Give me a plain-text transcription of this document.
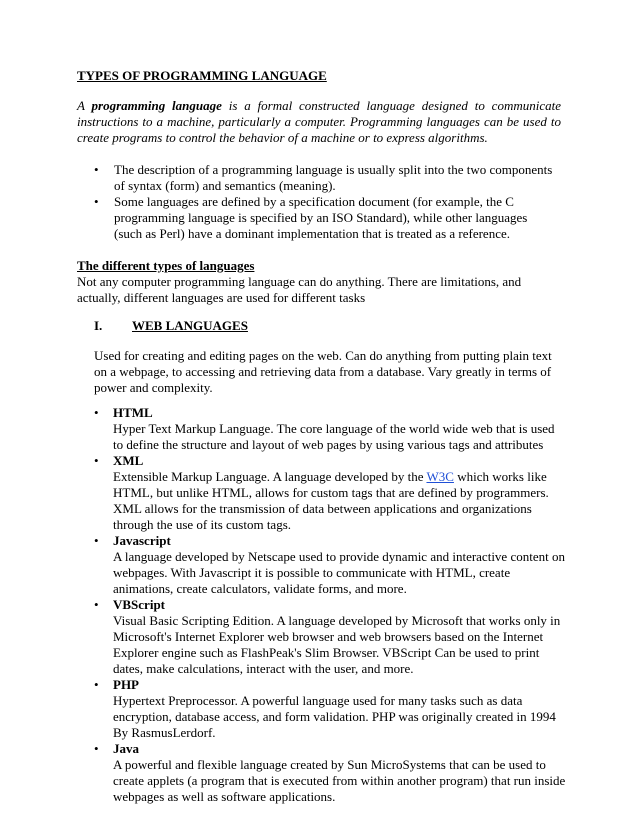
TYPES OF PROGRAMMING LANGUAGE
A programming language is a formal constructed language designed to communicate instructions to a machine, particularly a computer. Programming languages can be used to create programs to control the behavior of a machine or to express algorithms.
• The description of a programming language is usually split into the two components of syntax (form) and semantics (meaning).
• Some languages are defined by a specification document (for example, the C programming language is specified by an ISO Standard), while other languages (such as Perl) have a dominant implementation that is treated as a reference.
The different types of languages
Not any computer programming language can do anything. There are limitations, and actually, different languages are used for different tasks
I. WEB LANGUAGES
Used for creating and editing pages on the web. Can do anything from putting plain text on a webpage, to accessing and retrieving data from a database. Vary greatly in terms of power and complexity.
• HTML
Hyper Text Markup Language. The core language of the world wide web that is used to define the structure and layout of web pages by using various tags and attributes
• XML
Extensible Markup Language. A language developed by the W3C which works like HTML, but unlike HTML, allows for custom tags that are defined by programmers. XML allows for the transmission of data between applications and organizations through the use of its custom tags.
• Javascript
A language developed by Netscape used to provide dynamic and interactive content on webpages. With Javascript it is possible to communicate with HTML, create animations, create calculators, validate forms, and more.
• VBScript
Visual Basic Scripting Edition. A language developed by Microsoft that works only in Microsoft's Internet Explorer web browser and web browsers based on the Internet Explorer engine such as FlashPeak's Slim Browser. VBScript Can be used to print dates, make calculations, interact with the user, and more.
• PHP
Hypertext Preprocessor. A powerful language used for many tasks such as data encryption, database access, and form validation. PHP was originally created in 1994 By RasmusLerdorf.
• Java
A powerful and flexible language created by Sun MicroSystems that can be used to create applets (a program that is executed from within another program) that run inside webpages as well as software applications.
